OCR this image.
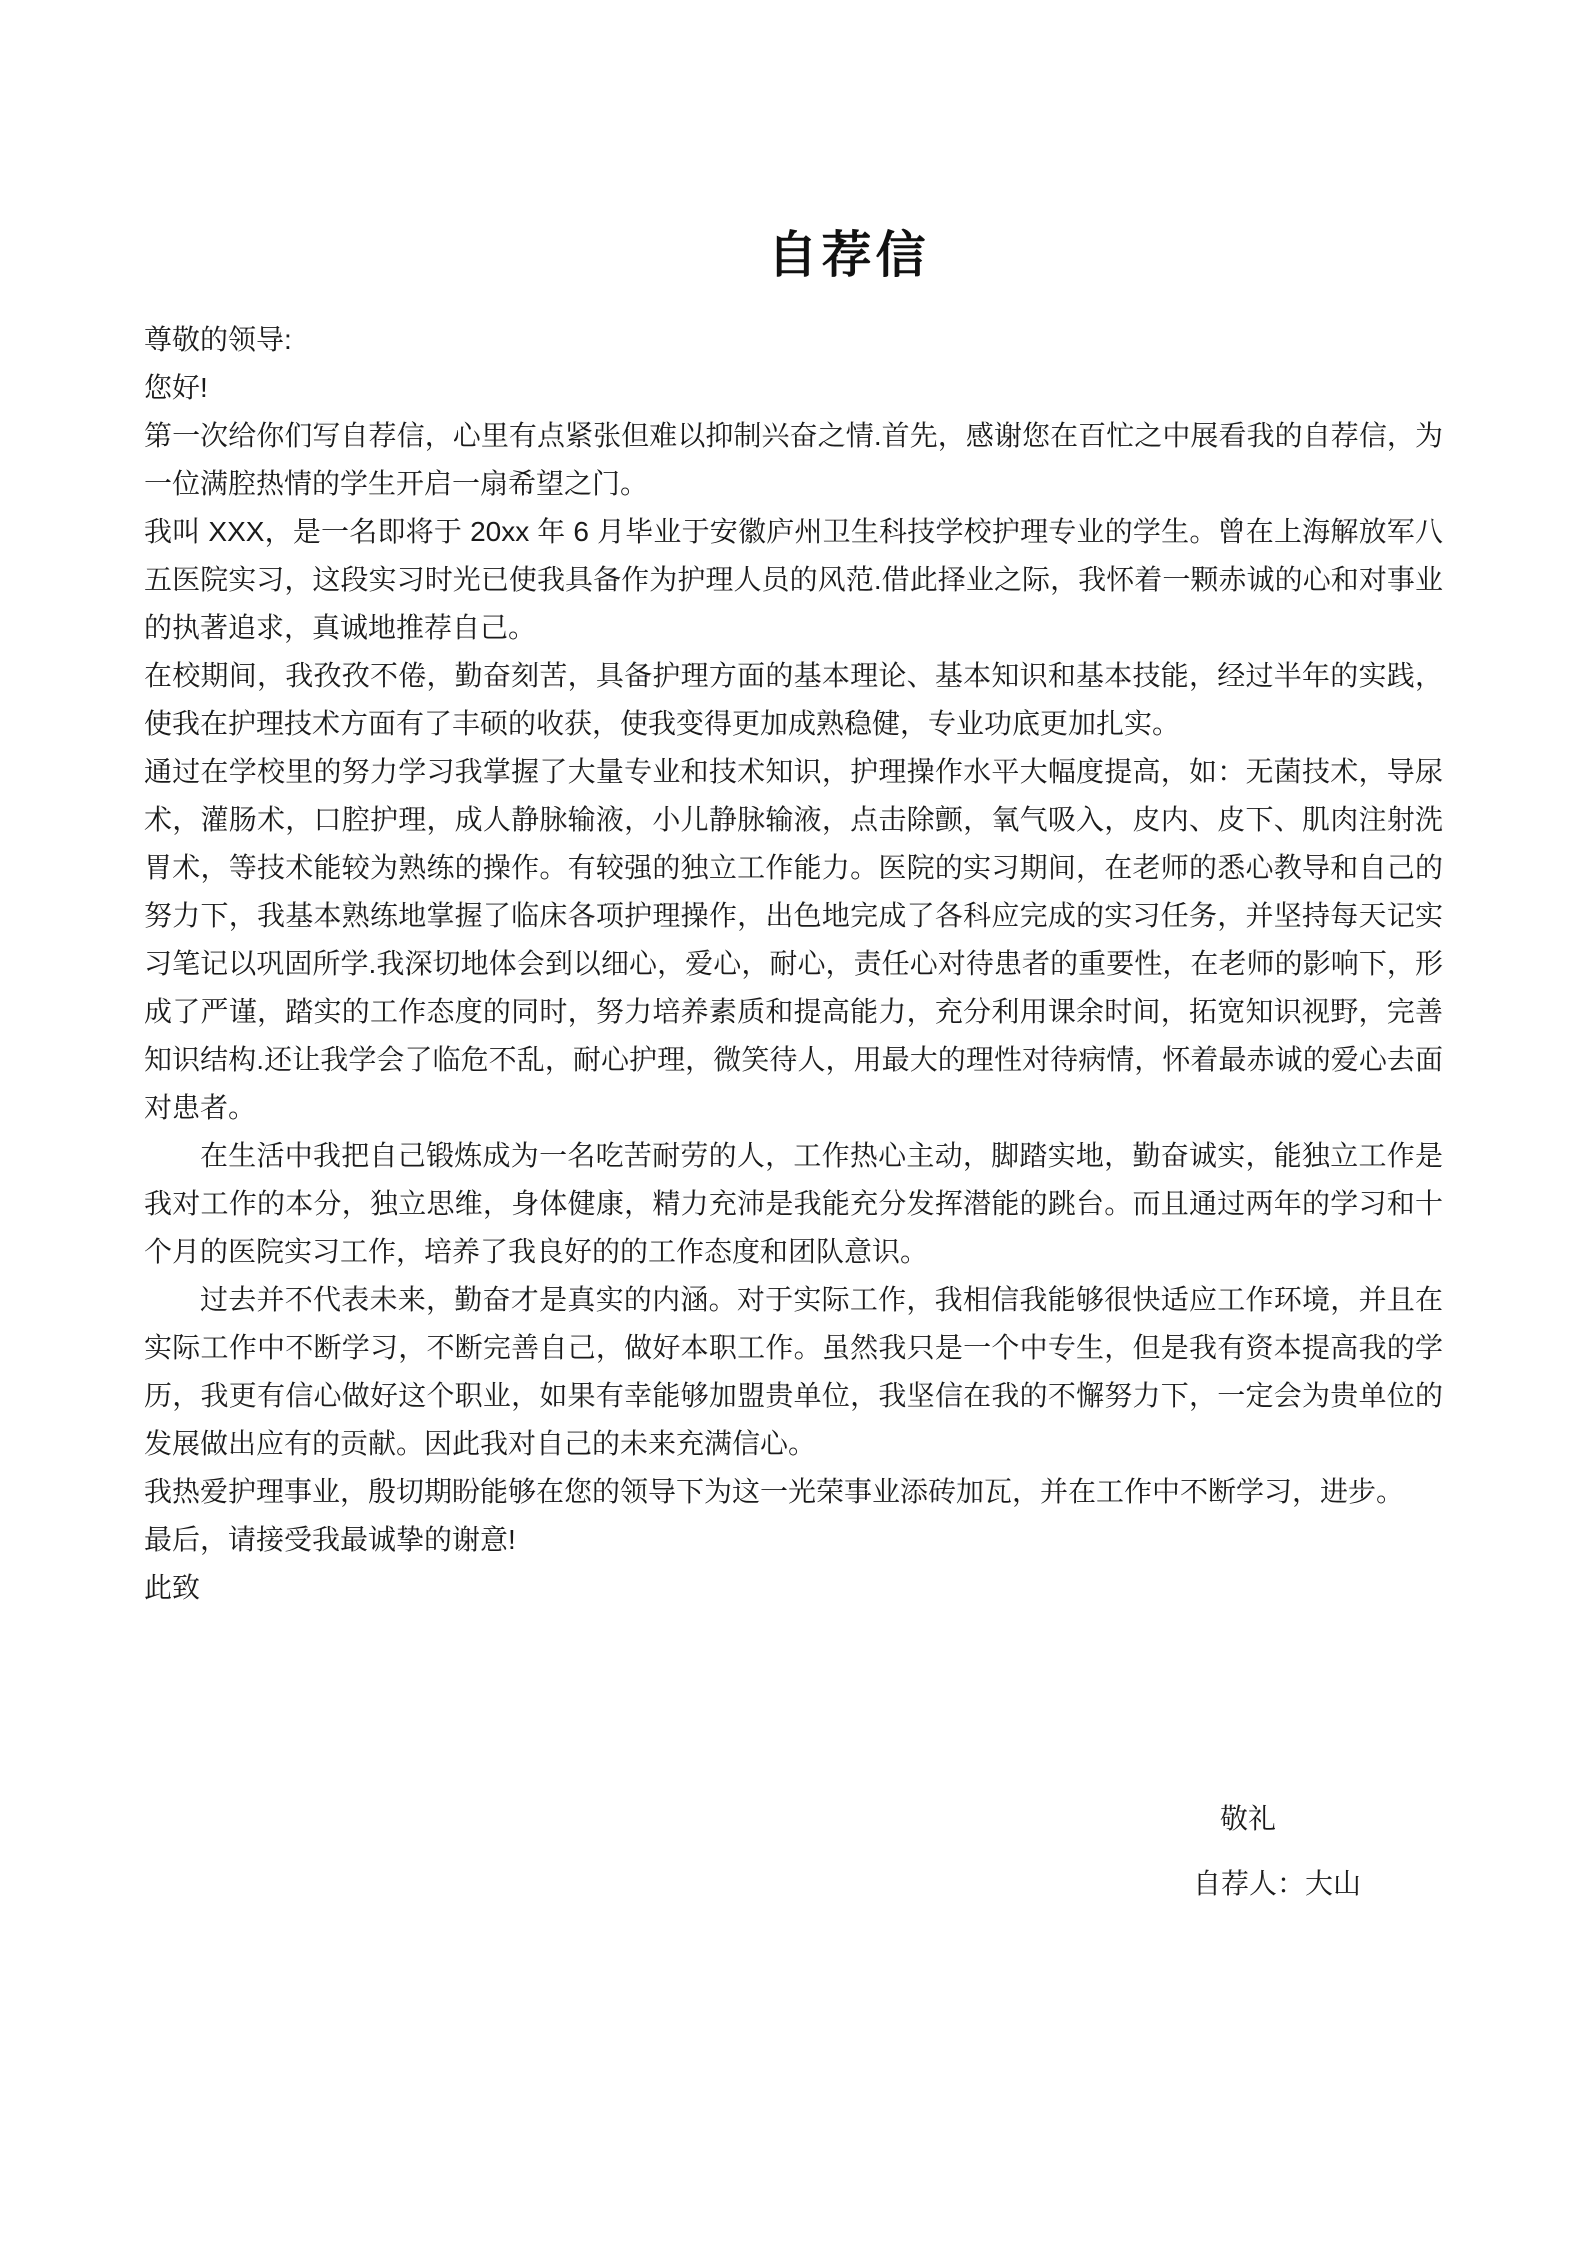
自荐信

尊敬的领导:

您好!

第一次给你们写自荐信，心里有点紧张但难以抑制兴奋之情.首先，感谢您在百忙之中展看我的自荐信，为一位满腔热情的学生开启一扇希望之门。

我叫 XXX，是一名即将于 20xx 年 6 月毕业于安徽庐州卫生科技学校护理专业的学生。曾在上海解放军八五医院实习，这段实习时光已使我具备作为护理人员的风范.借此择业之际，我怀着一颗赤诚的心和对事业的执著追求，真诚地推荐自己。

在校期间，我孜孜不倦，勤奋刻苦，具备护理方面的基本理论、基本知识和基本技能，经过半年的实践，使我在护理技术方面有了丰硕的收获，使我变得更加成熟稳健，专业功底更加扎实。

通过在学校里的努力学习我掌握了大量专业和技术知识，护理操作水平大幅度提高，如：无菌技术，导尿术，灌肠术，口腔护理，成人静脉输液，小儿静脉输液，点击除颤，氧气吸入，皮内、皮下、肌肉注射洗胃术，等技术能较为熟练的操作。有较强的独立工作能力。医院的实习期间，在老师的悉心教导和自己的努力下，我基本熟练地掌握了临床各项护理操作，出色地完成了各科应完成的实习任务，并坚持每天记实习笔记以巩固所学.我深切地体会到以细心，爱心，耐心，责任心对待患者的重要性，在老师的影响下，形成了严谨，踏实的工作态度的同时，努力培养素质和提高能力，充分利用课余时间，拓宽知识视野，完善知识结构.还让我学会了临危不乱，耐心护理，微笑待人，用最大的理性对待病情，怀着最赤诚的爱心去面对患者。

在生活中我把自己锻炼成为一名吃苦耐劳的人，工作热心主动，脚踏实地，勤奋诚实，能独立工作是我对工作的本分，独立思维，身体健康，精力充沛是我能充分发挥潜能的跳台。而且通过两年的学习和十个月的医院实习工作，培养了我良好的的工作态度和团队意识。

过去并不代表未来，勤奋才是真实的内涵。对于实际工作，我相信我能够很快适应工作环境，并且在实际工作中不断学习，不断完善自己，做好本职工作。虽然我只是一个中专生，但是我有资本提高我的学历，我更有信心做好这个职业，如果有幸能够加盟贵单位，我坚信在我的不懈努力下，一定会为贵单位的发展做出应有的贡献。因此我对自己的未来充满信心。

我热爱护理事业，殷切期盼能够在您的领导下为这一光荣事业添砖加瓦，并在工作中不断学习，进步。

最后，请接受我最诚挚的谢意!

此致

敬礼
自荐人：大山
